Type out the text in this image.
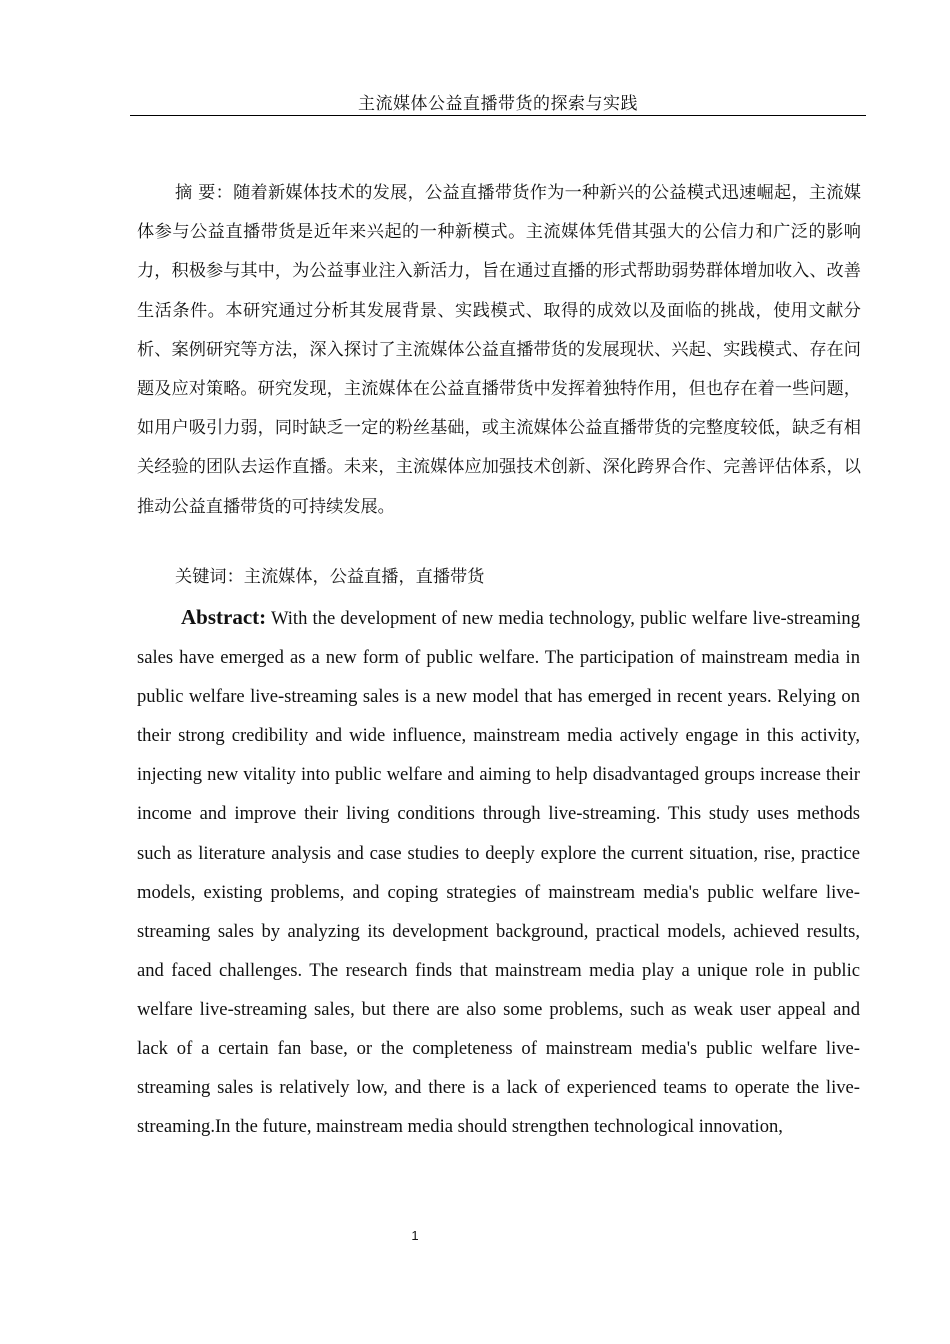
主流媒体公益直播带货的探索与实践

摘 要：随着新媒体技术的发展，公益直播带货作为一种新兴的公益模式迅速崛起，主流媒体参与公益直播带货是近年来兴起的一种新模式。主流媒体凭借其强大的公信力和广泛的影响力，积极参与其中，为公益事业注入新活力，旨在通过直播的形式帮助弱势群体增加收入、改善生活条件。本研究通过分析其发展背景、实践模式、取得的成效以及面临的挑战，使用文献分析、案例研究等方法，深入探讨了主流媒体公益直播带货的发展现状、兴起、实践模式、存在问题及应对策略。研究发现，主流媒体在公益直播带货中发挥着独特作用，但也存在着一些问题，如用户吸引力弱，同时缺乏一定的粉丝基础，或主流媒体公益直播带货的完整度较低，缺乏有相关经验的团队去运作直播。未来，主流媒体应加强技术创新、深化跨界合作、完善评估体系，以推动公益直播带货的可持续发展。

关键词：主流媒体，公益直播，直播带货

Abstract: With the development of new media technology, public welfare live-streaming sales have emerged as a new form of public welfare. The participation of mainstream media in public welfare live-streaming sales is a new model that has emerged in recent years. Relying on their strong credibility and wide influence, mainstream media actively engage in this activity, injecting new vitality into public welfare and aiming to help disadvantaged groups increase their income and improve their living conditions through live-streaming. This study uses methods such as literature analysis and case studies to deeply explore the current situation, rise, practice models, existing problems, and coping strategies of mainstream media's public welfare live-streaming sales by analyzing its development background, practical models, achieved results, and faced challenges. The research finds that mainstream media play a unique role in public welfare live-streaming sales, but there are also some problems, such as weak user appeal and lack of a certain fan base, or the completeness of mainstream media's public welfare live-streaming sales is relatively low, and there is a lack of experienced teams to operate the live-streaming.In the future, mainstream media should strengthen technological innovation,

1
